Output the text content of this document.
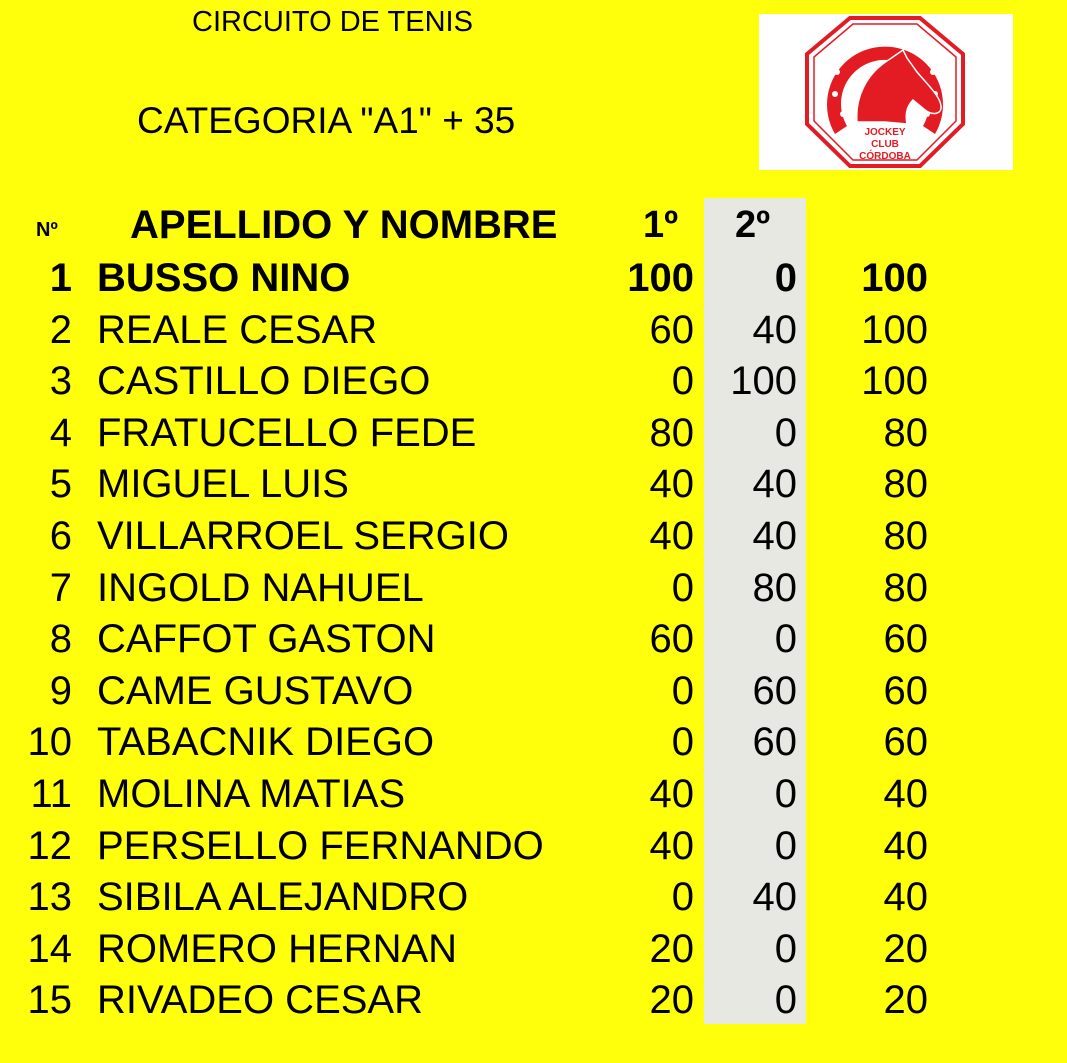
CIRCUITO DE TENIS
CATEGORIA "A1" + 35	JOCKEY
CLUB
CÓRDOBA
Nº APELLIDO Y NOMBRE 1º 2º
1 BUSSO NINO	100 0 100
2 REALE CESAR	60 40 100
3 CASTILLO DIEGO	0 100 100
4 FRATUCELLO FEDE	80 0 80
5 MIGUEL LUIS	40 40 80
6 VILLARROEL SERGIO	40 40 80
7 INGOLD NAHUEL	0 80 80
8 CAFFOT GASTON	60 0 60
9 CAME GUSTAVO	0 60 60
10 TABACNIK DIEGO	0 60 60
11 MOLINA MATIAS	40 0 40
12 PERSELLO FERNANDO	40 0 40
13 SIBILA ALEJANDRO	0 40 40
14 ROMERO HERNAN	20 0 20
15 RIVADEO CESAR	20 0 20
